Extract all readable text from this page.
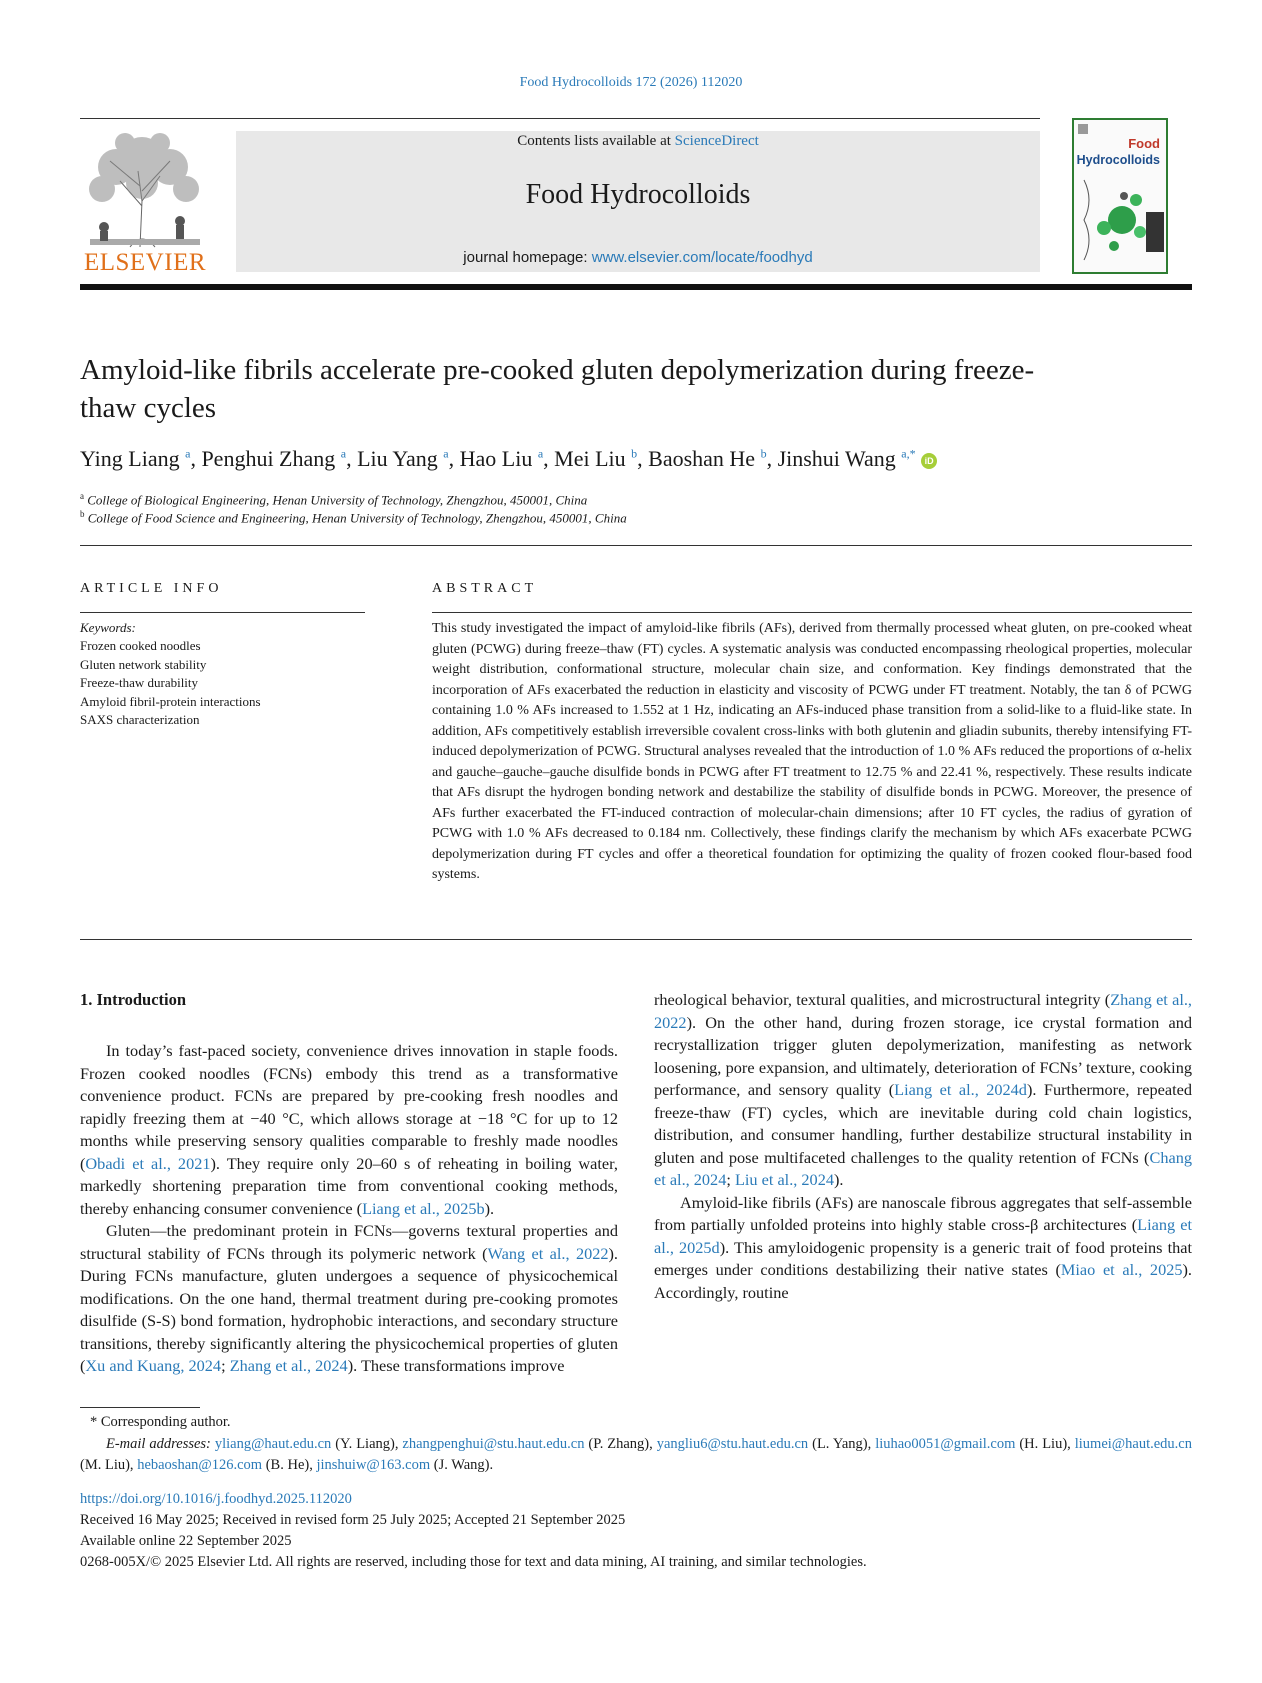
Food Hydrocolloids 172 (2026) 112020
ELSEVIER
Contents lists available at ScienceDirect
Food Hydrocolloids
journal homepage: www.elsevier.com/locate/foodhyd
Food
Hydrocolloids
Amyloid-like fibrils accelerate pre-cooked gluten depolymerization during freeze-thaw cycles
Ying Liang $^a$, Penghui Zhang $^a$, Liu Yang $^a$, Hao Liu $^a$, Mei Liu $^b$, Baoshan He $^b$, Jinshui Wang $^{a,*}$ iD
$^a$ College of Biological Engineering, Henan University of Technology, Zhengzhou, 450001, China
$^b$ College of Food Science and Engineering, Henan University of Technology, Zhengzhou, 450001, China
ARTICLE INFO
Keywords:
Frozen cooked noodles
Gluten network stability
Freeze-thaw durability
Amyloid fibril-protein interactions
SAXS characterization
ABSTRACT
This study investigated the impact of amyloid-like fibrils (AFs), derived from thermally processed wheat gluten, on pre-cooked wheat gluten (PCWG) during freeze–thaw (FT) cycles. A systematic analysis was conducted encompassing rheological properties, molecular weight distribution, conformational structure, molecular chain size, and conformation. Key findings demonstrated that the incorporation of AFs exacerbated the reduction in elasticity and viscosity of PCWG under FT treatment. Notably, the tan δ of PCWG containing 1.0 % AFs increased to 1.552 at 1 Hz, indicating an AFs-induced phase transition from a solid-like to a fluid-like state. In addition, AFs competitively establish irreversible covalent cross-links with both glutenin and gliadin subunits, thereby intensifying FT-induced depolymerization of PCWG. Structural analyses revealed that the introduction of 1.0 % AFs reduced the proportions of α-helix and gauche–gauche–gauche disulfide bonds in PCWG after FT treatment to 12.75 % and 22.41 %, respectively. These results indicate that AFs disrupt the hydrogen bonding network and destabilize the stability of disulfide bonds in PCWG. Moreover, the presence of AFs further exacerbated the FT-induced contraction of molecular-chain dimensions; after 10 FT cycles, the radius of gyration of PCWG with 1.0 % AFs decreased to 0.184 nm. Collectively, these findings clarify the mechanism by which AFs exacerbate PCWG depolymerization during FT cycles and offer a theoretical foundation for optimizing the quality of frozen cooked flour-based food systems.
1. Introduction

In today’s fast-paced society, convenience drives innovation in staple foods. Frozen cooked noodles (FCNs) embody this trend as a transformative convenience product. FCNs are prepared by pre-cooking fresh noodles and rapidly freezing them at −40 °C, which allows storage at −18 °C for up to 12 months while preserving sensory qualities comparable to freshly made noodles (Obadi et al., 2021). They require only 20–60 s of reheating in boiling water, markedly shortening preparation time from conventional cooking methods, thereby enhancing consumer convenience (Liang et al., 2025b).

Gluten—the predominant protein in FCNs—governs textural properties and structural stability of FCNs through its polymeric network (Wang et al., 2022). During FCNs manufacture, gluten undergoes a sequence of physicochemical modifications. On the one hand, thermal treatment during pre-cooking promotes disulfide (S-S) bond formation, hydrophobic interactions, and secondary structure transitions, thereby significantly altering the physicochemical properties of gluten (Xu and Kuang, 2024; Zhang et al., 2024). These transformations improve

rheological behavior, textural qualities, and microstructural integrity (Zhang et al., 2022). On the other hand, during frozen storage, ice crystal formation and recrystallization trigger gluten depolymerization, manifesting as network loosening, pore expansion, and ultimately, deterioration of FCNs’ texture, cooking performance, and sensory quality (Liang et al., 2024d). Furthermore, repeated freeze-thaw (FT) cycles, which are inevitable during cold chain logistics, distribution, and consumer handling, further destabilize structural instability in gluten and pose multifaceted challenges to the quality retention of FCNs (Chang et al., 2024; Liu et al., 2024).

Amyloid-like fibrils (AFs) are nanoscale fibrous aggregates that self-assemble from partially unfolded proteins into highly stable cross-β architectures (Liang et al., 2025d). This amyloidogenic propensity is a generic trait of food proteins that emerges under conditions destabilizing their native states (Miao et al., 2025). Accordingly, routine

* Corresponding author.
E-mail addresses: yliang@haut.edu.cn (Y. Liang), zhangpenghui@stu.haut.edu.cn (P. Zhang), yangliu6@stu.haut.edu.cn (L. Yang), liuhao0051@gmail.com (H. Liu), liumei@haut.edu.cn (M. Liu), hebaoshan@126.com (B. He), jinshuiw@163.com (J. Wang).
https://doi.org/10.1016/j.foodhyd.2025.112020
Received 16 May 2025; Received in revised form 25 July 2025; Accepted 21 September 2025
Available online 22 September 2025
0268-005X/© 2025 Elsevier Ltd. All rights are reserved, including those for text and data mining, AI training, and similar technologies.
